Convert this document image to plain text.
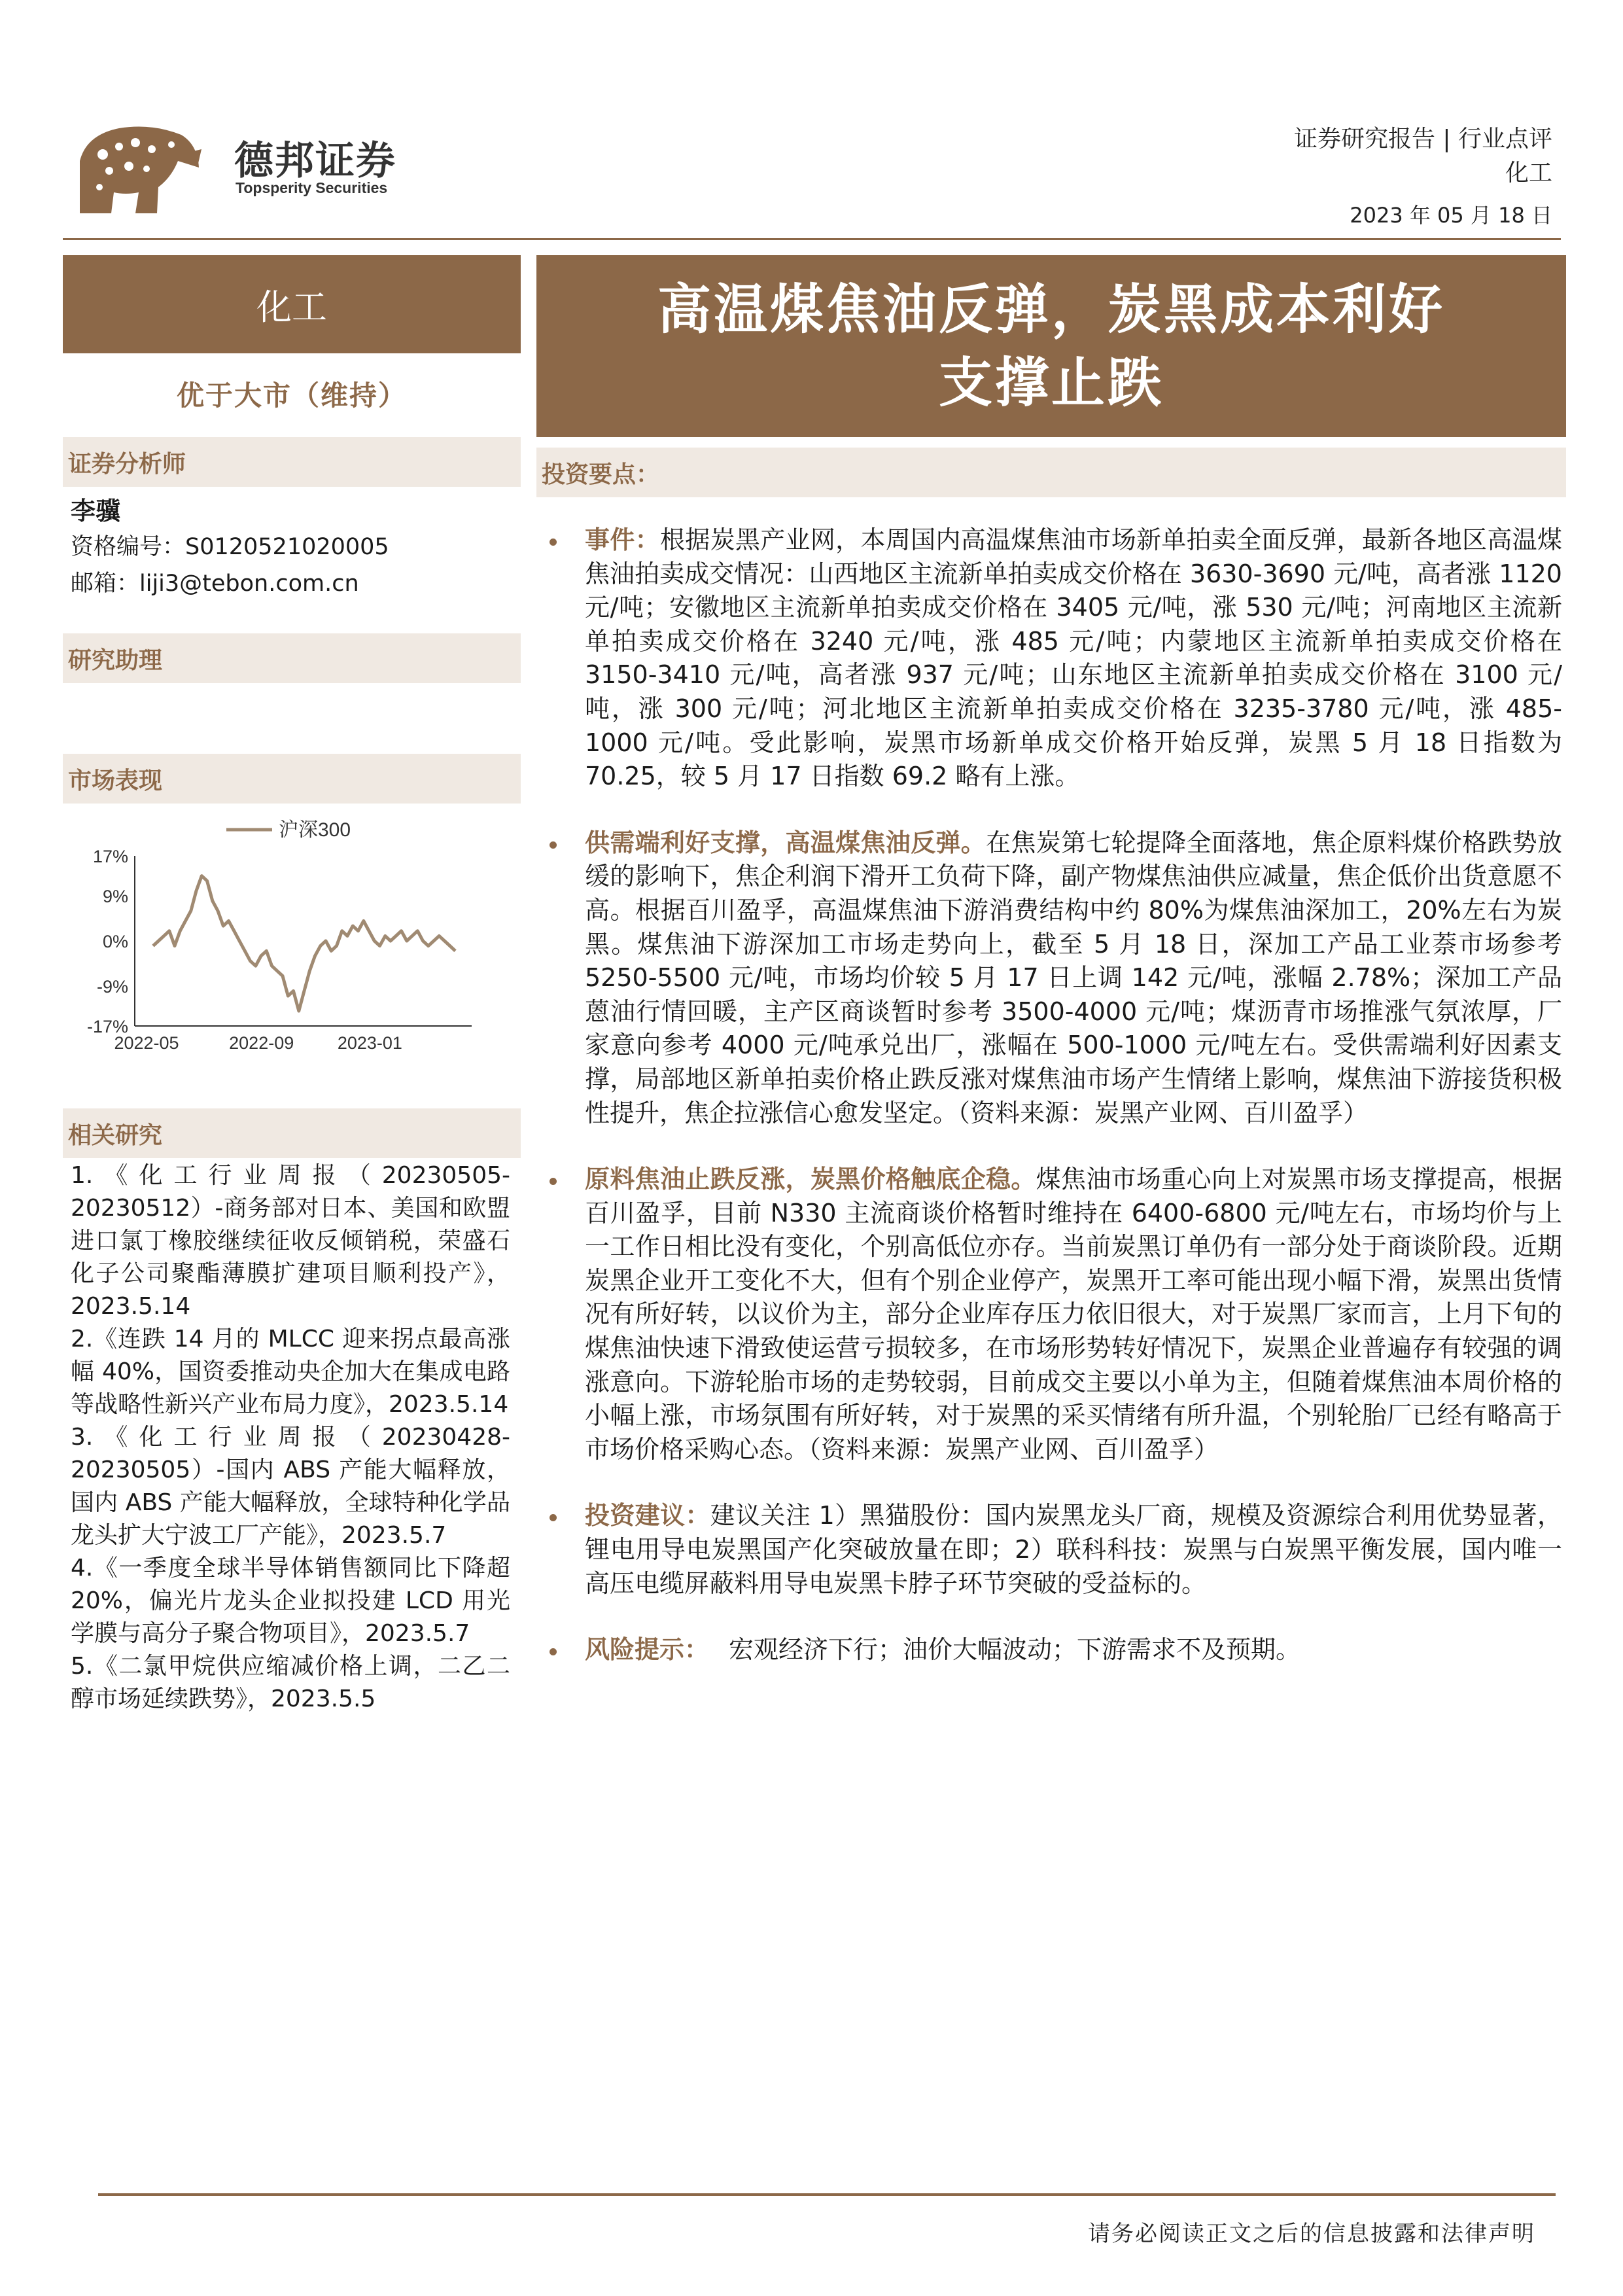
德邦证券
Topsperity Securities
证券研究报告 | 行业点评
化工
2023 年 05 月 18 日
化工
优于大市（维持）
证券分析师
李骥
资格编号：S0120521020005
邮箱：liji3@tebon.com.cn
研究助理
市场表现
沪深300
17%
9%
0%
-9%
-17%
2022-05	2022-09 2023-01
相关研究

1.《化工行业周报（20230505-20230512）-商务部对日本、美国和欧盟进口氯丁橡胶继续征收反倾销税，荣盛石化子公司聚酯薄膜扩建项目顺利投产》，2023.5.14

2.《连跌 14 月的 MLCC 迎来拐点最高涨幅 40%，国资委推动央企加大在集成电路等战略性新兴产业布局力度》，2023.5.14

3.《化工行业周报（20230428-20230505）-国内 ABS 产能大幅释放，国内 ABS 产能大幅释放，全球特种化学品龙头扩大宁波工厂产能》，2023.5.7

4.《一季度全球半导体销售额同比下降超 20%，偏光片龙头企业拟投建 LCD 用光学膜与高分子聚合物项目》，2023.5.7

5.《二氯甲烷供应缩减价格上调，二乙二醇市场延续跌势》，2023.5.5

高温煤焦油反弹，炭黑成本利好
支撑止跌
投资要点：

事件：根据炭黑产业网，本周国内高温煤焦油市场新单拍卖全面反弹，最新各地区高温煤焦油拍卖成交情况：山西地区主流新单拍卖成交价格在 3630-3690 元/吨，高者涨 1120 元/吨；安徽地区主流新单拍卖成交价格在 3405 元/吨，涨 530 元/吨；河南地区主流新单拍卖成交价格在 3240 元/吨，涨 485 元/吨；内蒙地区主流新单拍卖成交价格在 3150-3410 元/吨，高者涨 937 元/吨；山东地区主流新单拍卖成交价格在 3100 元/吨，涨 300 元/吨；河北地区主流新单拍卖成交价格在 3235-3780 元/吨，涨 485-1000 元/吨。受此影响，炭黑市场新单成交价格开始反弹，炭黑 5 月 18 日指数为 70.25，较 5 月 17 日指数 69.2 略有上涨。

供需端利好支撑，高温煤焦油反弹。在焦炭第七轮提降全面落地，焦企原料煤价格跌势放缓的影响下，焦企利润下滑开工负荷下降，副产物煤焦油供应减量，焦企低价出货意愿不高。根据百川盈孚，高温煤焦油下游消费结构中约 80%为煤焦油深加工，20%左右为炭黑。煤焦油下游深加工市场走势向上，截至 5 月 18 日，深加工产品工业萘市场参考 5250-5500 元/吨，市场均价较 5 月 17 日上调 142 元/吨，涨幅 2.78%；深加工产品蒽油行情回暖，主产区商谈暂时参考 3500-4000 元/吨；煤沥青市场推涨气氛浓厚，厂家意向参考 4000 元/吨承兑出厂，涨幅在 500-1000 元/吨左右。受供需端利好因素支撑，局部地区新单拍卖价格止跌反涨对煤焦油市场产生情绪上影响，煤焦油下游接货积极性提升，焦企拉涨信心愈发坚定。（资料来源：炭黑产业网、百川盈孚）

原料焦油止跌反涨，炭黑价格触底企稳。煤焦油市场重心向上对炭黑市场支撑提高，根据百川盈孚，目前 N330 主流商谈价格暂时维持在 6400-6800 元/吨左右，市场均价与上一工作日相比没有变化，个别高低位亦存。当前炭黑订单仍有一部分处于商谈阶段。近期炭黑企业开工变化不大，但有个别企业停产，炭黑开工率可能出现小幅下滑，炭黑出货情况有所好转，以议价为主，部分企业库存压力依旧很大，对于炭黑厂家而言，上月下旬的煤焦油快速下滑致使运营亏损较多，在市场形势转好情况下，炭黑企业普遍存有较强的调涨意向。下游轮胎市场的走势较弱，目前成交主要以小单为主，但随着煤焦油本周价格的小幅上涨，市场氛围有所好转，对于炭黑的采买情绪有所升温，个别轮胎厂已经有略高于市场价格采购心态。（资料来源：炭黑产业网、百川盈孚）

投资建议：建议关注 1）黑猫股份：国内炭黑龙头厂商，规模及资源综合利用优势显著，锂电用导电炭黑国产化突破放量在即；2）联科科技：炭黑与白炭黑平衡发展，国内唯一高压电缆屏蔽料用导电炭黑卡脖子环节突破的受益标的。

风险提示： 宏观经济下行；油价大幅波动；下游需求不及预期。

请务必阅读正文之后的信息披露和法律声明
